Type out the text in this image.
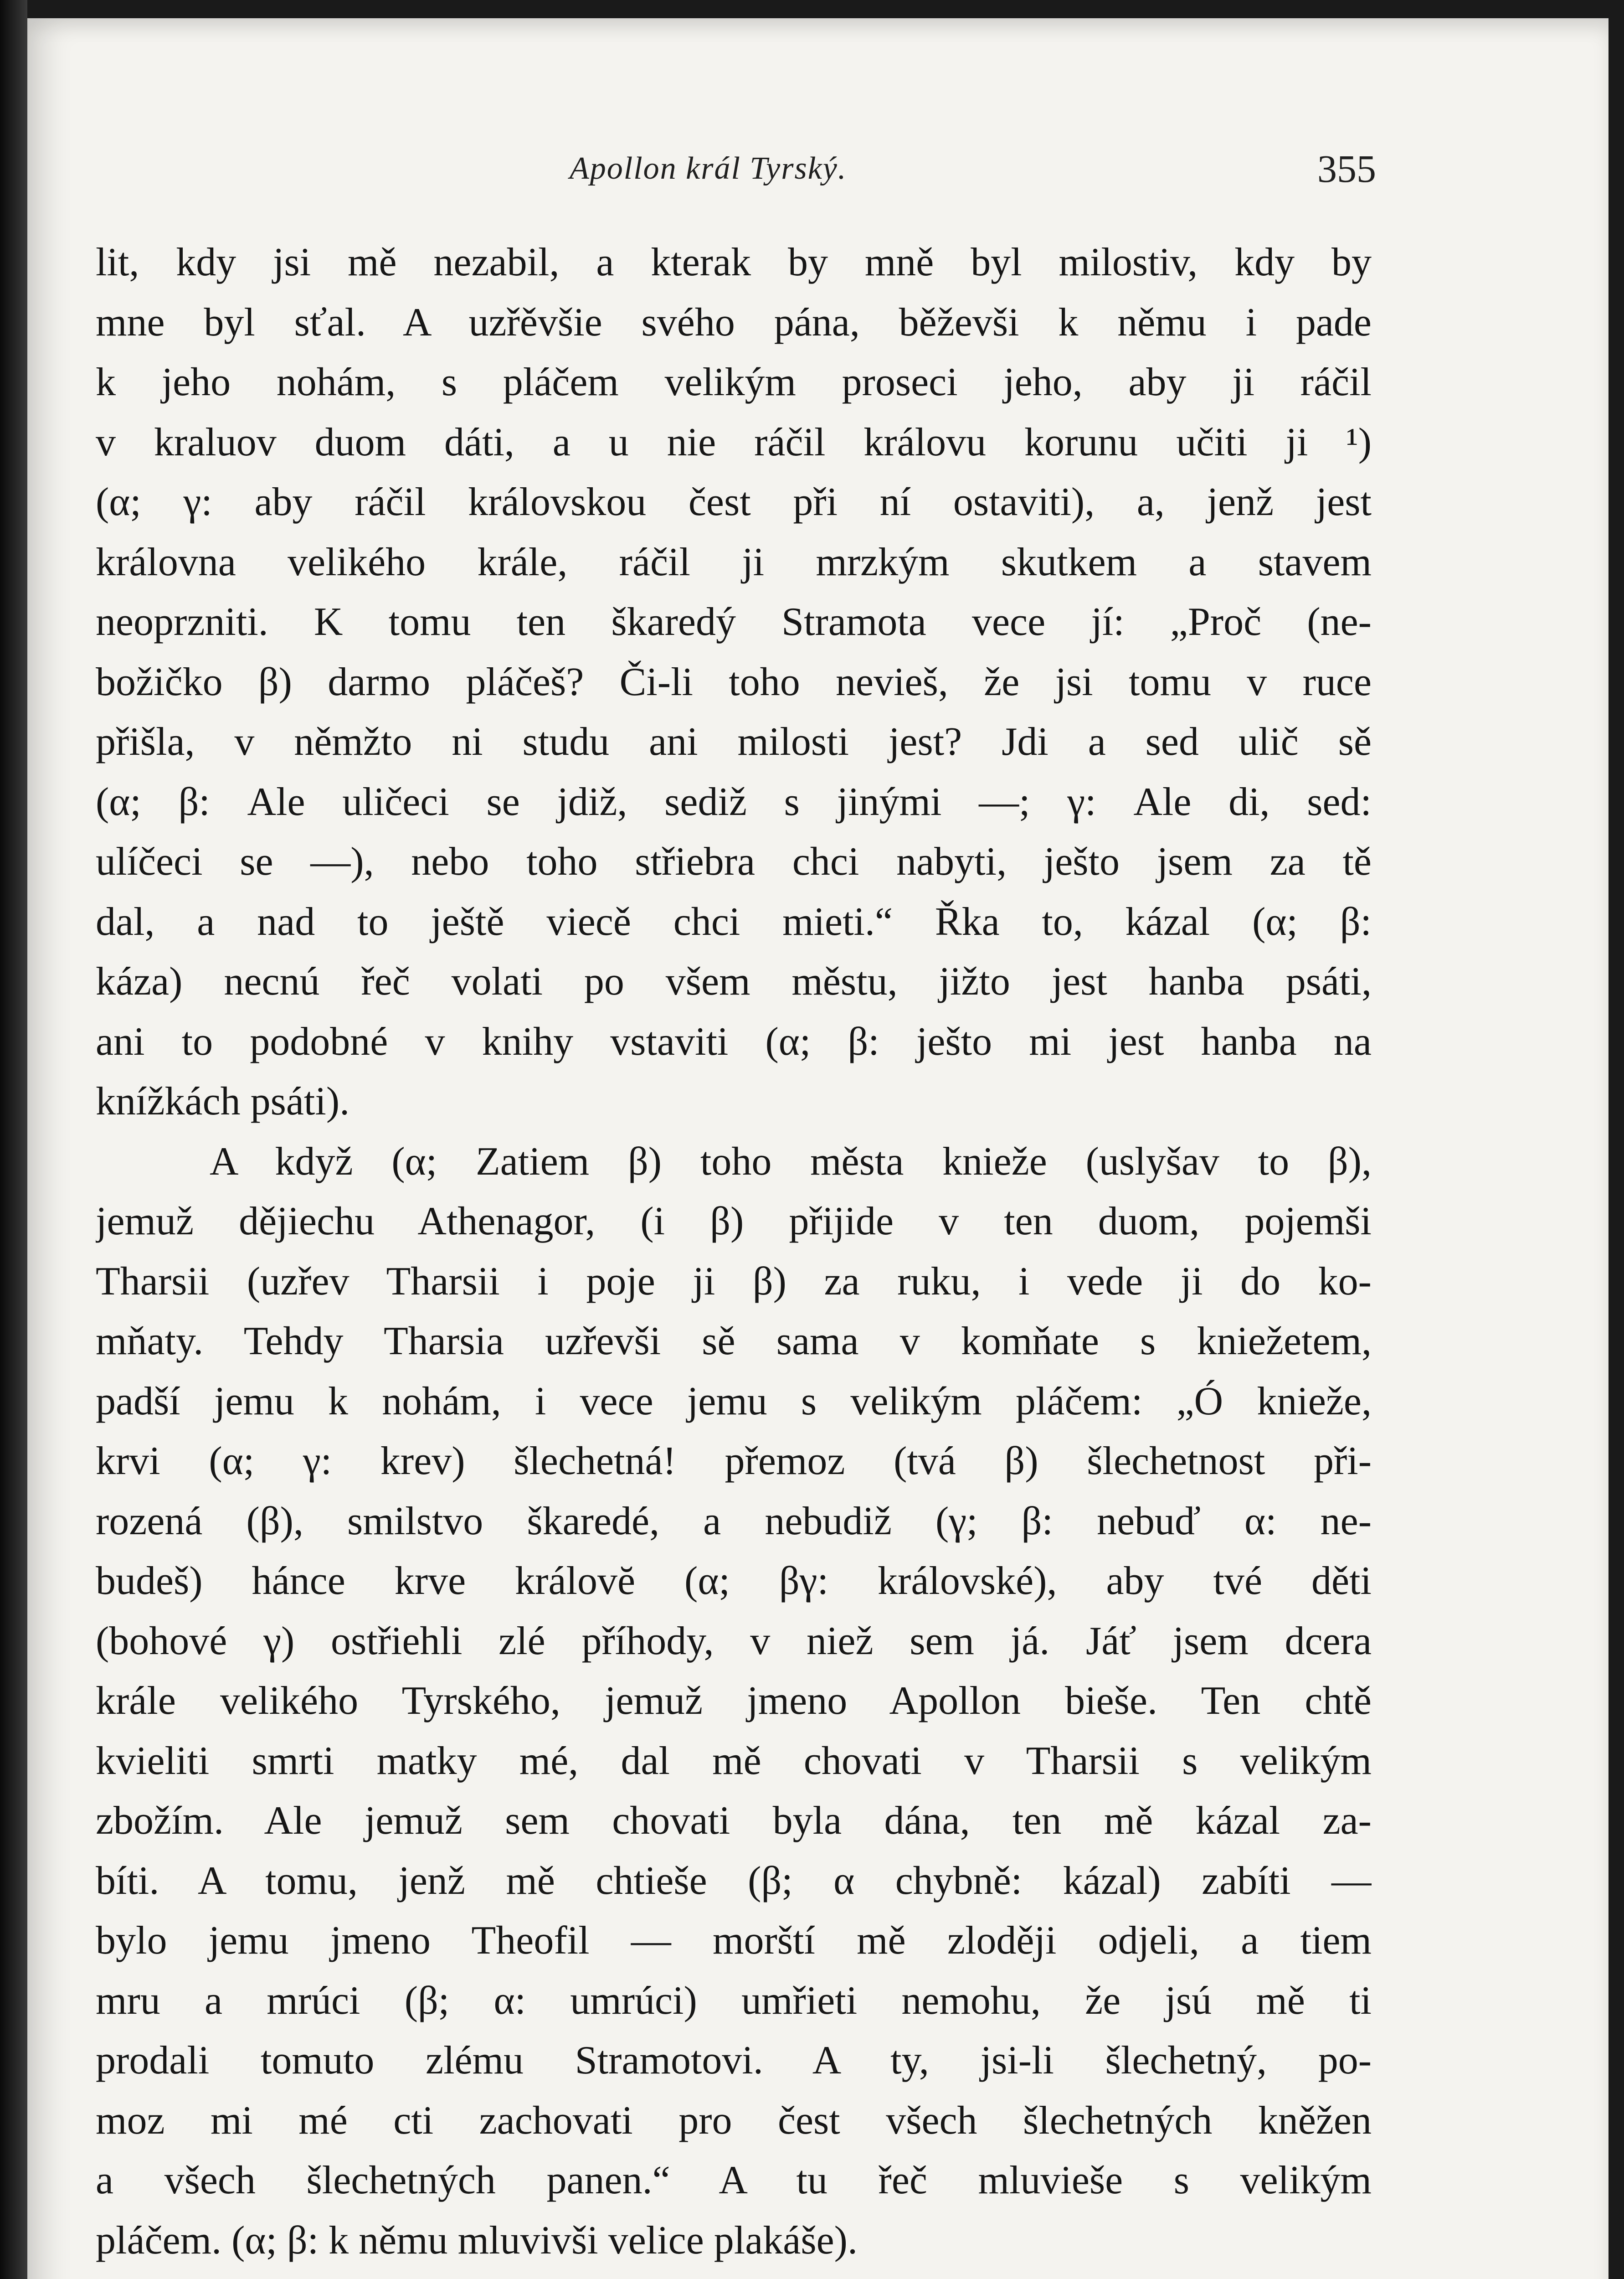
Apollon král Tyrský.	355
lit, kdy jsi mě nezabil, a kterak by mně byl milostiv, kdy by
mne byl sťal. A uzřěvšie svého pána, běževši k němu i pade
k jeho nohám, s pláčem velikým proseci jeho, aby ji ráčil
v kraluov duom dáti, a u nie ráčil královu korunu učiti ji ¹)
(α; γ: aby ráčil královskou čest při ní ostaviti), a, jenž jest
královna velikého krále, ráčil ji mrzkým skutkem a stavem
neoprzniti. K tomu ten škaredý Stramota vece jí: „Proč (ne-
božičko β) darmo pláčeš? Či-li toho nevieš, že jsi tomu v ruce
přišla, v němžto ni studu ani milosti jest? Jdi a sed ulič sě
(α; β: Ale uličeci se jdiž, sediž s jinými —; γ: Ale di, sed:
ulíčeci se —), nebo toho střiebra chci nabyti, ješto jsem za tě
dal, a nad to ještě viecě chci mieti.“ Řka to, kázal (α; β:
káza) necnú řeč volati po všem městu, jižto jest hanba psáti,
ani to podobné v knihy vstaviti (α; β: ješto mi jest hanba na
knížkách psáti).
A když (α; Zatiem β) toho města knieže (uslyšav to β),
jemuž dějiechu Athenagor, (i β) přijide v ten duom, pojemši
Tharsii (uzřev Tharsii i poje ji β) za ruku, i vede ji do ko-
mňaty. Tehdy Tharsia uzřevši sě sama v komňate s kniežetem,
padší jemu k nohám, i vece jemu s velikým pláčem: „Ó knieže,
krvi (α; γ: krev) šlechetná! přemoz (tvá β) šlechetnost při-
rozená (β), smilstvo škaredé, a nebudiž (γ; β: nebuď α: ne-
budeš) hánce krve královĕ (α; βγ: královské), aby tvé děti
(bohové γ) ostřiehli zlé příhody, v niež sem já. Jáť jsem dcera
krále velikého Tyrského, jemuž jmeno Apollon bieše. Ten chtě
kvieliti smrti matky mé, dal mě chovati v Tharsii s velikým
zbožím. Ale jemuž sem chovati byla dána, ten mě kázal za-
bíti. A tomu, jenž mě chtieše (β; α chybně: kázal) zabíti —
bylo jemu jmeno Theofil — morští mě zloději odjeli, a tiem
mru a mrúci (β; α: umrúci) umřieti nemohu, že jsú mě ti
prodali tomuto zlému Stramotovi. A ty, jsi-li šlechetný, po-
moz mi mé cti zachovati pro čest všech šlechetných kněžen
a všech šlechetných panen.“ A tu řeč mluvieše s velikým
pláčem. (α; β: k němu mluvivši velice plakáše).
